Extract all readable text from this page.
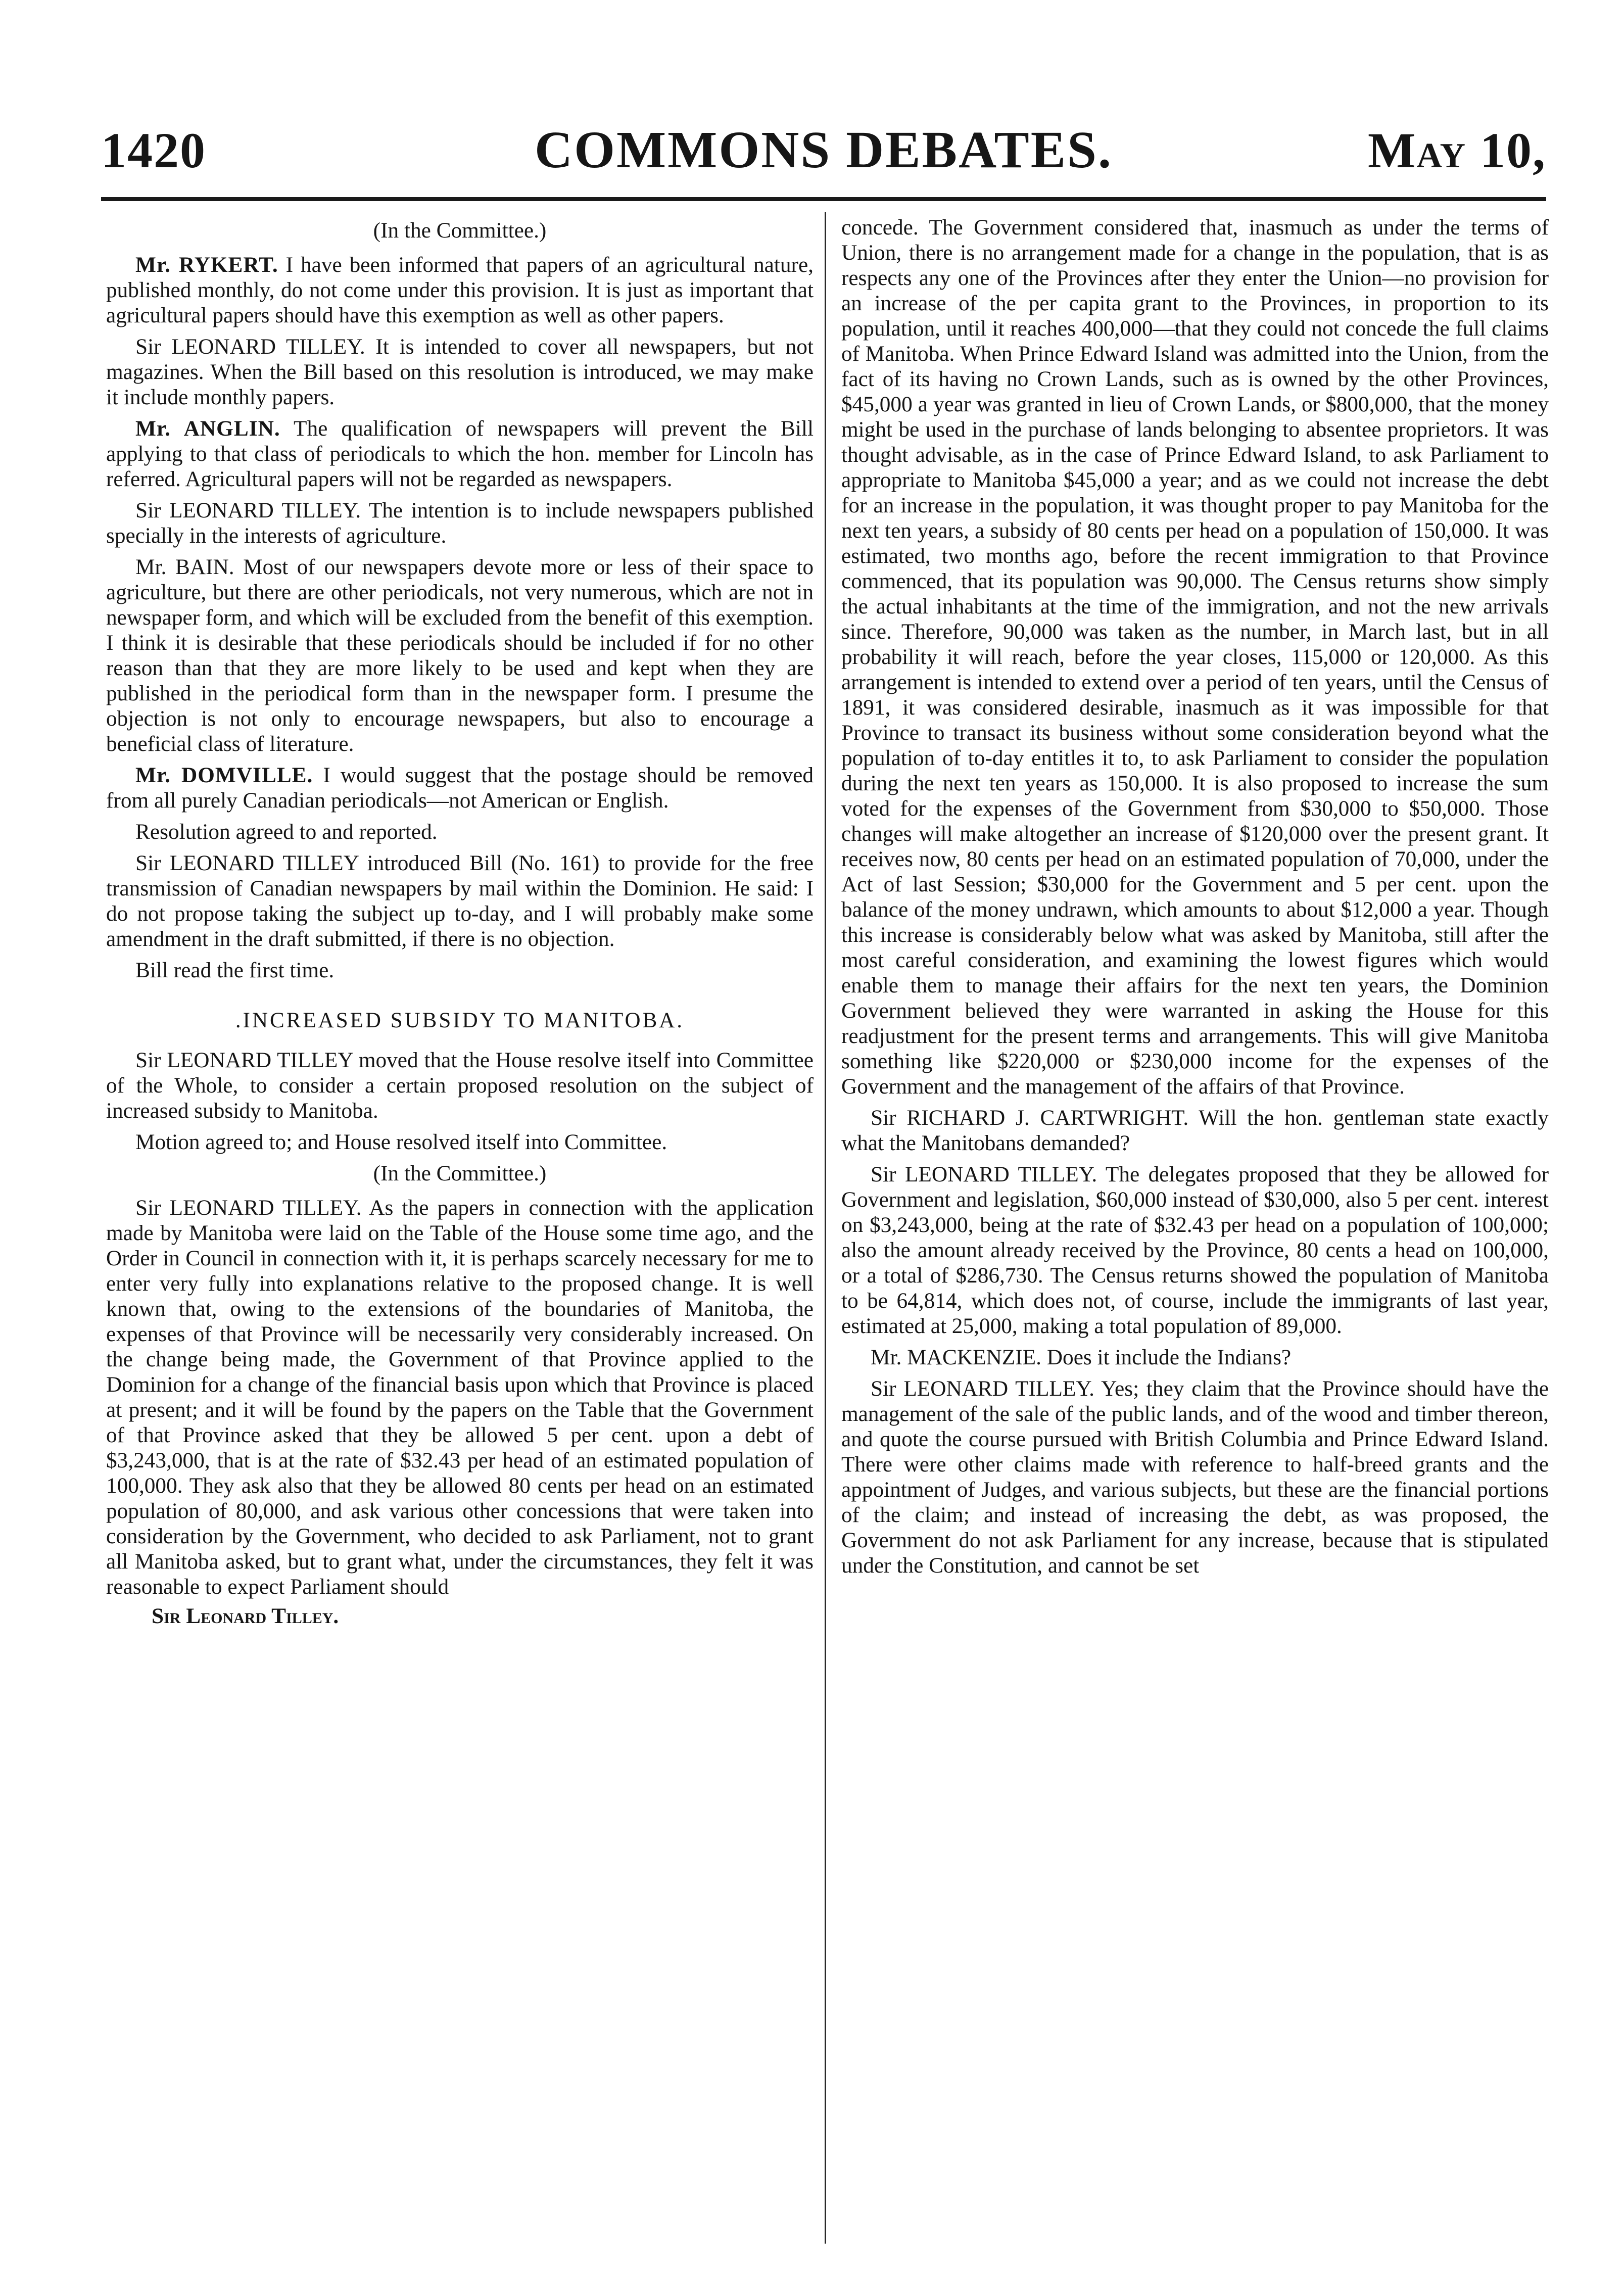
1420	COMMONS DEBATES.	May 10,

(In the Committee.)

Mr. RYKERT. I have been informed that papers of an agricultural nature, published monthly, do not come under this provision. It is just as important that agricultural papers should have this exemption as well as other papers.

Sir LEONARD TILLEY. It is intended to cover all newspapers, but not magazines. When the Bill based on this resolution is introduced, we may make it include monthly papers.

Mr. ANGLIN. The qualification of newspapers will prevent the Bill applying to that class of periodicals to which the hon. member for Lincoln has referred. Agricultural papers will not be regarded as newspapers.

Sir LEONARD TILLEY. The intention is to include newspapers published specially in the interests of agriculture.

Mr. BAIN. Most of our newspapers devote more or less of their space to agriculture, but there are other periodicals, not very numerous, which are not in newspaper form, and which will be excluded from the benefit of this exemption. I think it is desirable that these periodicals should be included if for no other reason than that they are more likely to be used and kept when they are published in the periodical form than in the newspaper form. I presume the objection is not only to encourage newspapers, but also to encourage a beneficial class of literature.

Mr. DOMVILLE. I would suggest that the postage should be removed from all purely Canadian periodicals—not American or English.

Resolution agreed to and reported.

Sir LEONARD TILLEY introduced Bill (No. 161) to provide for the free transmission of Canadian newspapers by mail within the Dominion. He said: I do not propose taking the subject up to-day, and I will probably make some amendment in the draft submitted, if there is no objection.

Bill read the first time.

.INCREASED SUBSIDY TO MANITOBA.

Sir LEONARD TILLEY moved that the House resolve itself into Committee of the Whole, to consider a certain proposed resolution on the subject of increased subsidy to Manitoba.

Motion agreed to; and House resolved itself into Committee.

(In the Committee.)

Sir LEONARD TILLEY. As the papers in connection with the application made by Manitoba were laid on the Table of the House some time ago, and the Order in Council in connection with it, it is perhaps scarcely necessary for me to enter very fully into explanations relative to the proposed change. It is well known that, owing to the extensions of the boundaries of Manitoba, the expenses of that Province will be necessarily very considerably increased. On the change being made, the Government of that Province applied to the Dominion for a change of the financial basis upon which that Province is placed at present; and it will be found by the papers on the Table that the Government of that Province asked that they be allowed 5 per cent. upon a debt of $3,243,000, that is at the rate of $32.43 per head of an estimated population of 100,000. They ask also that they be allowed 80 cents per head on an estimated population of 80,000, and ask various other concessions that were taken into consideration by the Government, who decided to ask Parliament, not to grant all Manitoba asked, but to grant what, under the circumstances, they felt it was reasonable to expect Parliament should

Sir Leonard Tilley.

concede. The Government considered that, inasmuch as under the terms of Union, there is no arrangement made for a change in the population, that is as respects any one of the Provinces after they enter the Union—no provision for an increase of the per capita grant to the Provinces, in proportion to its population, until it reaches 400,000—that they could not concede the full claims of Manitoba. When Prince Edward Island was admitted into the Union, from the fact of its having no Crown Lands, such as is owned by the other Provinces, $45,000 a year was granted in lieu of Crown Lands, or $800,000, that the money might be used in the purchase of lands belonging to absentee proprietors. It was thought advisable, as in the case of Prince Edward Island, to ask Parliament to appropriate to Manitoba $45,000 a year; and as we could not increase the debt for an increase in the population, it was thought proper to pay Manitoba for the next ten years, a subsidy of 80 cents per head on a population of 150,000. It was estimated, two months ago, before the recent immigration to that Province commenced, that its population was 90,000. The Census returns show simply the actual inhabitants at the time of the immigration, and not the new arrivals since. Therefore, 90,000 was taken as the number, in March last, but in all probability it will reach, before the year closes, 115,000 or 120,000. As this arrangement is intended to extend over a period of ten years, until the Census of 1891, it was considered desirable, inasmuch as it was impossible for that Province to transact its business without some consideration beyond what the population of to-day entitles it to, to ask Parliament to consider the population during the next ten years as 150,000. It is also proposed to increase the sum voted for the expenses of the Government from $30,000 to $50,000. Those changes will make altogether an increase of $120,000 over the present grant. It receives now, 80 cents per head on an estimated population of 70,000, under the Act of last Session; $30,000 for the Government and 5 per cent. upon the balance of the money undrawn, which amounts to about $12,000 a year. Though this increase is considerably below what was asked by Manitoba, still after the most careful consideration, and examining the lowest figures which would enable them to manage their affairs for the next ten years, the Dominion Government believed they were warranted in asking the House for this readjustment for the present terms and arrangements. This will give Manitoba something like $220,000 or $230,000 income for the expenses of the Government and the management of the affairs of that Province.

Sir RICHARD J. CARTWRIGHT. Will the hon. gentleman state exactly what the Manitobans demanded?

Sir LEONARD TILLEY. The delegates proposed that they be allowed for Government and legislation, $60,000 instead of $30,000, also 5 per cent. interest on $3,243,000, being at the rate of $32.43 per head on a population of 100,000; also the amount already received by the Province, 80 cents a head on 100,000, or a total of $286,730. The Census returns showed the population of Manitoba to be 64,814, which does not, of course, include the immigrants of last year, estimated at 25,000, making a total population of 89,000.

Mr. MACKENZIE. Does it include the Indians?

Sir LEONARD TILLEY. Yes; they claim that the Province should have the management of the sale of the public lands, and of the wood and timber thereon, and quote the course pursued with British Columbia and Prince Edward Island. There were other claims made with reference to half-breed grants and the appointment of Judges, and various subjects, but these are the financial portions of the claim; and instead of increasing the debt, as was proposed, the Government do not ask Parliament for any increase, because that is stipulated under the Constitution, and cannot be set
